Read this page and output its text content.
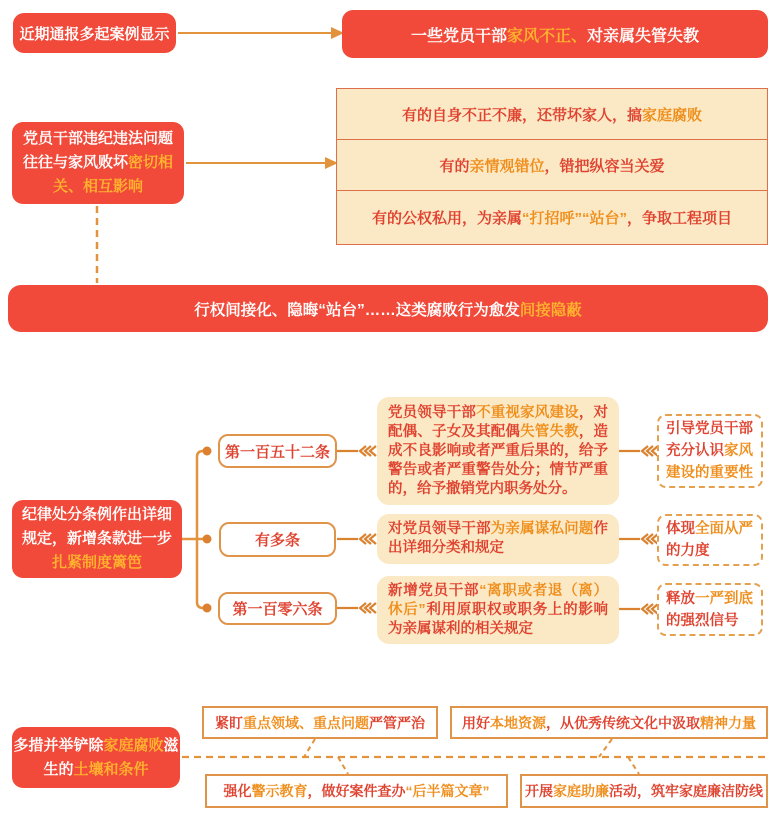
近期通报多起案例显示	一些党员干部家风不正、对亲属失管失教
党员干部违纪违法问题往往与家风败坏密切相关、相互影响
有的自身不正不廉，还带坏家人，搞家庭腐败
有的亲情观错位，错把纵容当关爱
有的公权私用，为亲属“打招呼”“站台”，争取工程项目
行权间接化、隐晦“站台”……这类腐败行为愈发间接隐蔽
纪律处分条例作出详细规定，新增条款进一步扎紧制度篱笆
第一百五十二条
有多条
第一百零六条
党员领导干部不重视家风建设，对配偶、子女及其配偶失管失教，造成不良影响或者严重后果的，给予警告或者严重警告处分；情节严重的，给予撤销党内职务处分。
对党员领导干部为亲属谋私问题作出详细分类和规定
新增党员干部“离职或者退（离）休后”利用原职权或职务上的影响为亲属谋利的相关规定
引导党员干部充分认识家风建设的重要性
体现全面从严的力度
释放一严到底的强烈信号
多措并举铲除家庭腐败滋生的土壤和条件
紧盯重点领域、重点问题严管严治	用好本地资源，从优秀传统文化中汲取精神力量
强化警示教育，做好案件查办“后半篇文章”	开展家庭助廉活动，筑牢家庭廉洁防线
